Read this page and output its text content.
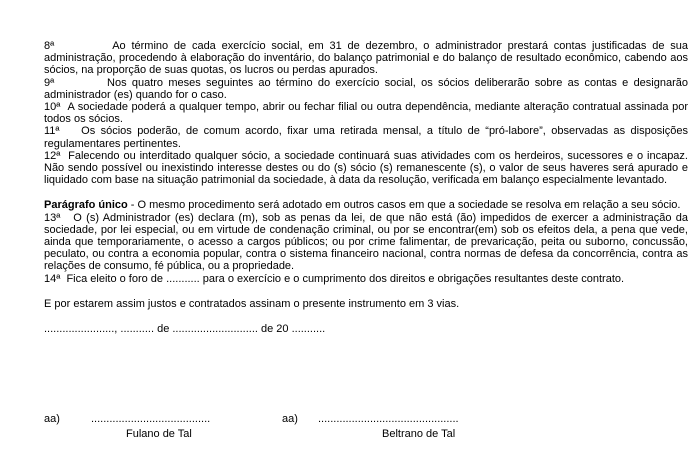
8ª	Ao término de cada exercício social, em 31 de dezembro, o administrador prestará contas justificadas de sua administração, procedendo à elaboração do inventário, do balanço patrimonial e do balanço de resultado econômico, cabendo aos sócios, na proporção de suas quotas, os lucros ou perdas apurados.

9ª	Nos quatro meses seguintes ao término do exercício social, os sócios deliberarão sobre as contas e designarão administrador (es) quando for o caso.

10ª A sociedade poderá a qualquer tempo, abrir ou fechar filial ou outra dependência, mediante alteração contratual assinada por todos os sócios.

11ª Os sócios poderão, de comum acordo, fixar uma retirada mensal, a título de “pró-labore”, observadas as disposições regulamentares pertinentes.

12ª Falecendo ou interditado qualquer sócio, a sociedade continuará suas atividades com os herdeiros, sucessores e o incapaz. Não sendo possível ou inexistindo interesse destes ou do (s) sócio (s) remanescente (s), o valor de seus haveres será apurado e liquidado com base na situação patrimonial da sociedade, à data da resolução, verificada em balanço especialmente levantado.

Parágrafo único - O mesmo procedimento será adotado em outros casos em que a sociedade se resolva em relação a seu sócio.

13ª O (s) Administrador (es) declara (m), sob as penas da lei, de que não está (ão) impedidos de exercer a administração da sociedade, por lei especial, ou em virtude de condenação criminal, ou por se encontrar(em) sob os efeitos dela, a pena que vede, ainda que temporariamente, o acesso a cargos públicos; ou por crime falimentar, de prevaricação, peita ou suborno, concussão, peculato, ou contra a economia popular, contra o sistema financeiro nacional, contra normas de defesa da concorrência, contra as relações de consumo, fé pública, ou a propriedade.

14ª Fica eleito o foro de ........... para o exercício e o cumprimento dos direitos e obrigações resultantes deste contrato.

E por estarem assim justos e contratados assinam o presente instrumento em 3 vias.

......................., ........... de ............................ de 20 ...........

aa)	.......................................	aa) ..............................................
Fulano de Tal	Beltrano de Tal
